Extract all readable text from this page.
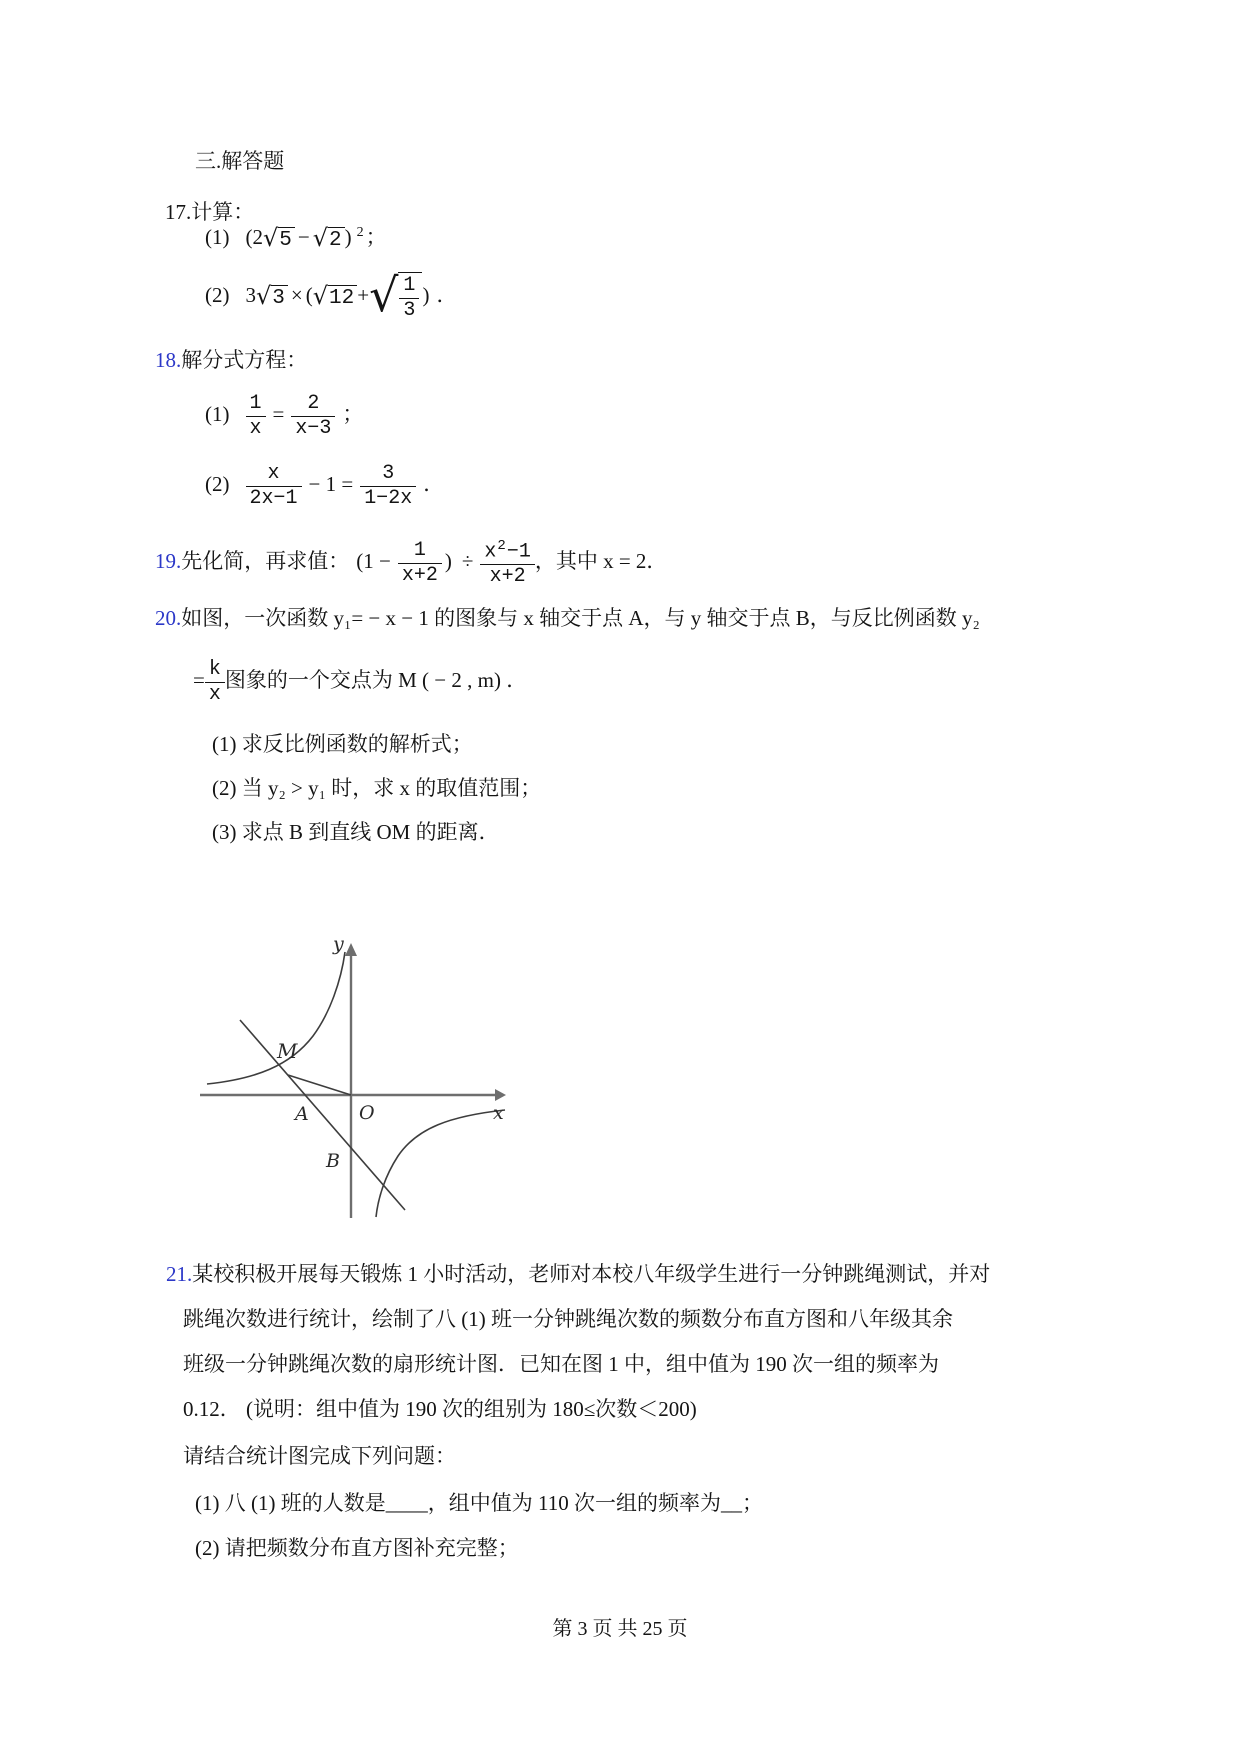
三.解答题
17.计算：
(1) (2√5 − √2 ) $^2$；
(2) 3√3 × (√12 +√ $\frac{1}{3}$ ) ．
18.解分式方程：
$(1) \frac{1}{x} = \frac{2}{x-3}$ ；
$(2) \frac{x}{2x-1} - 1 = \frac{3}{1-2x}$ ．
19.先化简，再求值： ($1 - \frac{1}{x+2}$ ) ÷ $\frac{x^2-1}{x+2}$ ，其中 x = 2．
20.如图，一次函数 y₁= − x − 1 的图象与 x 轴交于点 A，与 y 轴交于点 B，与反比例函数 y₂
= $\frac{k}{x}$ 图象的一个交点为 M ( − 2 , m) ．
(1) 求反比例函数的解析式；
(2) 当 y₂ > y₁ 时，求 x 的取值范围；
(3) 求点 B 到直线 OM 的距离．
y
x
O
A
B
M
21.某校积极开展每天锻炼 1 小时活动，老师对本校八年级学生进行一分钟跳绳测试，并对
跳绳次数进行统计，绘制了八 (1) 班一分钟跳绳次数的频数分布直方图和八年级其余
班级一分钟跳绳次数的扇形统计图．已知在图 1 中，组中值为 190 次一组的频率为
0.12． (说明：组中值为 190 次的组别为 180≤次数＜200)
请结合统计图完成下列问题：
(1) 八 (1) 班的人数是____，组中值为 110 次一组的频率为__；
(2) 请把频数分布直方图补充完整；
第 3 页 共 25 页
